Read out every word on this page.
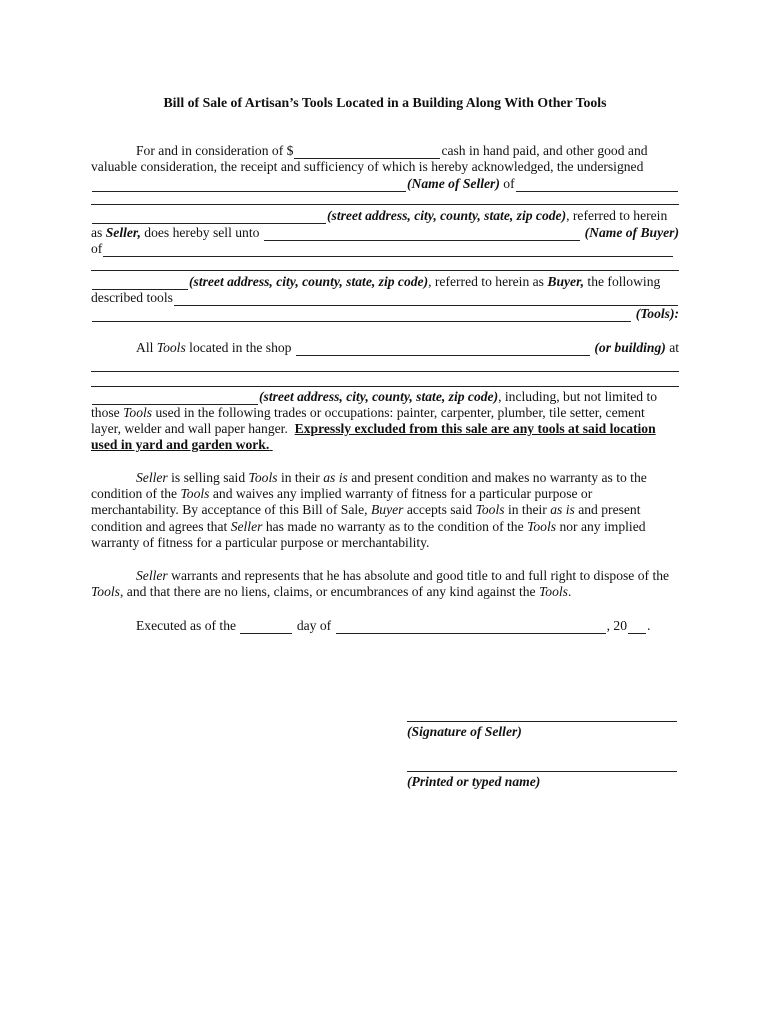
Bill of Sale of Artisan’s Tools Located in a Building Along With Other Tools
For and in consideration of $	cash in hand paid, and other good and
valuable consideration, the receipt and sufficiency of which is hereby acknowledged, the undersigned
(Name of Seller)
of
(street address, city, county, state, zip code) , referred to herein
as
Seller,
does hereby sell unto

	(Name of Buyer)
of
(street address, city, county, state, zip code) , referred to herein as
Buyer,
the following
described tools

(Tools):
All
Tools
located in the shop

	(or building)
at
(street address, city, county, state, zip code) , including, but not limited to
those
Tools
used in the following trades or occupations: painter, carpenter, plumber, tile setter, cement
layer, welder and wall paper hanger.
Expressly excluded from this sale are any tools at said location
used in yard and garden work.

Seller
is selling said
Tools
in their
as is
and present condition and makes no warranty as to the
condition of the
Tools
and waives any implied warranty of fitness for a particular purpose or
merchantability. By acceptance of this Bill of Sale,
Buyer
accepts said
Tools
in their
as is
and present
condition and agrees that
Seller
has made no warranty as to the condition of the
Tools
nor any implied
warranty of fitness for a particular purpose or merchantability.
Seller
warrants and represents that he has absolute and good title to and full right to dispose of the
Tools , and that there are no liens, claims, or encumbrances of any kind against the
Tools .
Executed as of the

	day of
	, 20 .
(Signature of Seller)
(Printed or typed name)
